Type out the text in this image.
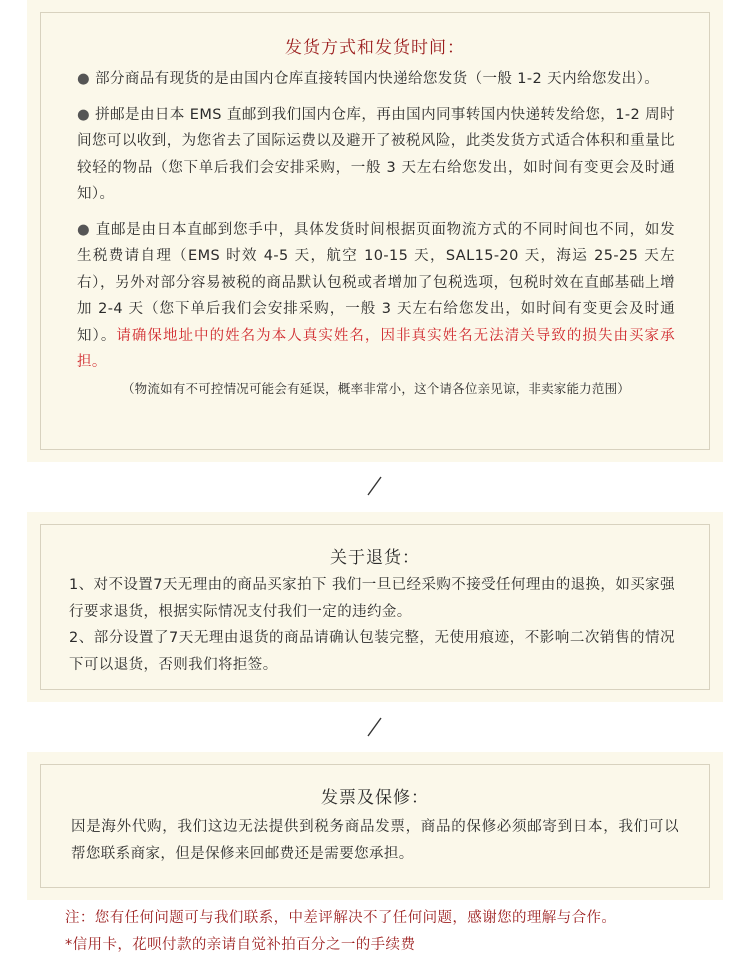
发货方式和发货时间：

● 部分商品有现货的是由国内仓库直接转国内快递给您发货（一般 1-2 天内给您发出）。

● 拼邮是由日本 EMS 直邮到我们国内仓库，再由国内同事转国内快递转发给您，1-2 周时间您可以收到，为您省去了国际运费以及避开了被税风险，此类发货方式适合体积和重量比较轻的物品（您下单后我们会安排采购，一般 3 天左右给您发出，如时间有变更会及时通知）。

● 直邮是由日本直邮到您手中，具体发货时间根据页面物流方式的不同时间也不同，如发生税费请自理（EMS 时效 4-5 天，航空 10-15 天，SAL15-20 天，海运 25-25 天左右），另外对部分容易被税的商品默认包税或者增加了包税选项，包税时效在直邮基础上增加 2-4 天（您下单后我们会安排采购，一般 3 天左右给您发出，如时间有变更会及时通知）。请确保地址中的姓名为本人真实姓名，因非真实姓名无法清关导致的损失由买家承担。

（物流如有不可控情况可能会有延误，概率非常小，这个请各位亲见谅，非卖家能力范围）
关于退货：

1、对不设置7天无理由的商品买家拍下 我们一旦已经采购不接受任何理由的退换，如买家强行要求退货，根据实际情况支付我们一定的违约金。

2、部分设置了7天无理由退货的商品请确认包装完整，无使用痕迹，不影响二次销售的情况下可以退货，否则我们将拒签。

发票及保修：

因是海外代购，我们这边无法提供到税务商品发票，商品的保修必须邮寄到日本，我们可以帮您联系商家，但是保修来回邮费还是需要您承担。

注：您有任何问题可与我们联系，中差评解决不了任何问题，感谢您的理解与合作。
*信用卡，花呗付款的亲请自觉补拍百分之一的手续费
